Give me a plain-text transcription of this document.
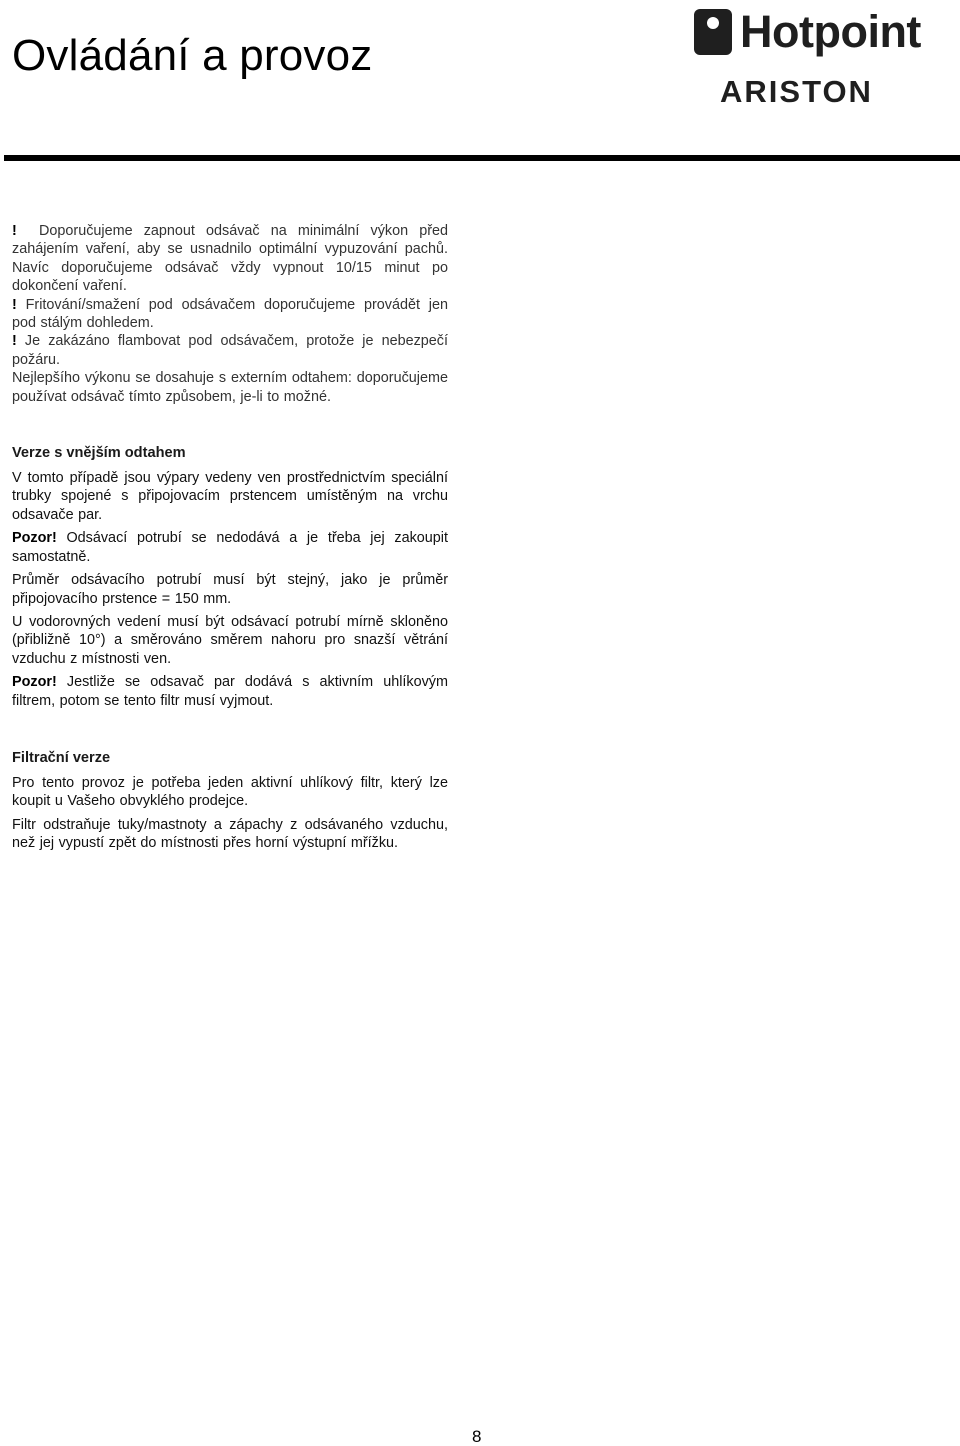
Ovládání a provoz	Hotpoint
ARISTON

! Doporučujeme zapnout odsávač na minimální výkon před zahájením vaření, aby se usnadnilo optimální vypuzování pachů. Navíc doporučujeme odsávač vždy vypnout 10/15 minut po dokončení vaření.

! Fritování/smažení pod odsávačem doporučujeme provádět jen pod stálým dohledem.

! Je zakázáno flambovat pod odsávačem, protože je nebezpečí požáru.

Nejlepšího výkonu se dosahuje s externím odtahem: doporučujeme používat odsávač tímto způsobem, je-li to možné.

Verze s vnějším odtahem

V tomto případě jsou výpary vedeny ven prostřednictvím speciální trubky spojené s připojovacím prstencem umístěným na vrchu odsavače par.

Pozor! Odsávací potrubí se nedodává a je třeba jej zakoupit samostatně.

Průměr odsávacího potrubí musí být stejný, jako je průměr připojovacího prstence = 150 mm.

U vodorovných vedení musí být odsávací potrubí mírně skloněno (přibližně 10°) a směrováno směrem nahoru pro snazší větrání vzduchu z místnosti ven.

Pozor! Jestliže se odsavač par dodává s aktivním uhlíkovým filtrem, potom se tento filtr musí vyjmout.

Filtrační verze

Pro tento provoz je potřeba jeden aktivní uhlíkový filtr, který lze koupit u Vašeho obvyklého prodejce.

Filtr odstraňuje tuky/mastnoty a zápachy z odsávaného vzduchu, než jej vypustí zpět do místnosti přes horní výstupní mřížku.

8
